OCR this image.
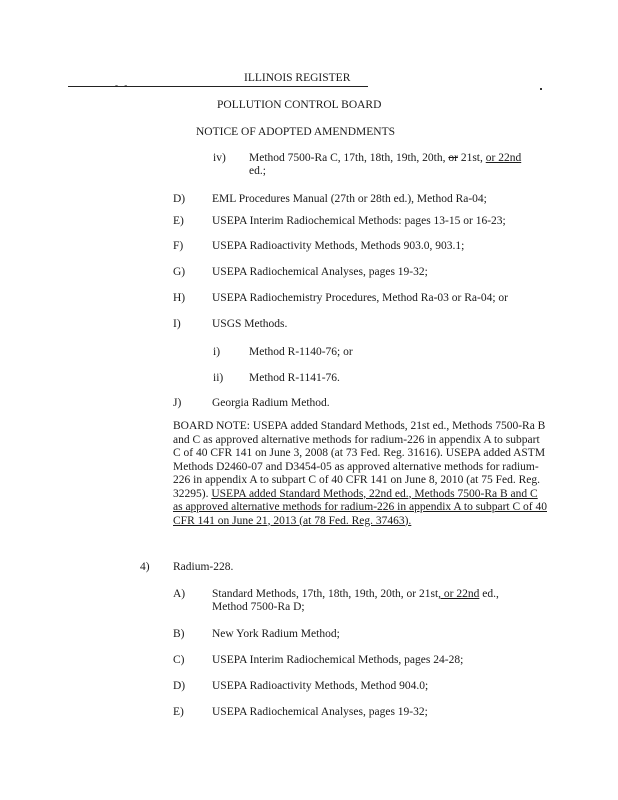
- -
ILLINOIS REGISTER
POLLUTION CONTROL BOARD
NOTICE OF ADOPTED AMENDMENTS
iv) Method 7500-Ra C, 17th, 18th, 19th, 20th, or 21st, or 22nd
ed.;
D) EML Procedures Manual (27th or 28th ed.), Method Ra-04;
E) USEPA Interim Radiochemical Methods: pages 13-15 or 16-23;
F)	USEPA Radioactivity Methods, Methods 903.0, 903.1;
G) USEPA Radiochemical Analyses, pages 19-32;
H) USEPA Radiochemistry Procedures, Method Ra-03 or Ra-04; or
I)	USGS Methods.
i)	Method R-1140-76; or
ii) Method R-1141-76.
J)	Georgia Radium Method.
BOARD NOTE: USEPA added Standard Methods, 21st ed., Methods 7500-Ra B and C as approved alternative methods for radium-226 in appendix A to subpart C of 40 CFR 141 on June 3, 2008 (at 73 Fed. Reg. 31616). USEPA added ASTM Methods D2460-07 and D3454-05 as approved alternative methods for radium-226 in appendix A to subpart C of 40 CFR 141 on June 8, 2010 (at 75 Fed. Reg. 32295). USEPA added Standard Methods, 22nd ed., Methods 7500-Ra B and C as approved alternative methods for radium-226 in appendix A to subpart C of 40 CFR 141 on June 21, 2013 (at 78 Fed. Reg. 37463).
4) Radium-228.
A) Standard Methods, 17th, 18th, 19th, 20th, or 21st, or 22nd ed.,
Method 7500-Ra D;
B) New York Radium Method;
C) USEPA Interim Radiochemical Methods, pages 24-28;
D) USEPA Radioactivity Methods, Method 904.0;
E) USEPA Radiochemical Analyses, pages 19-32;
